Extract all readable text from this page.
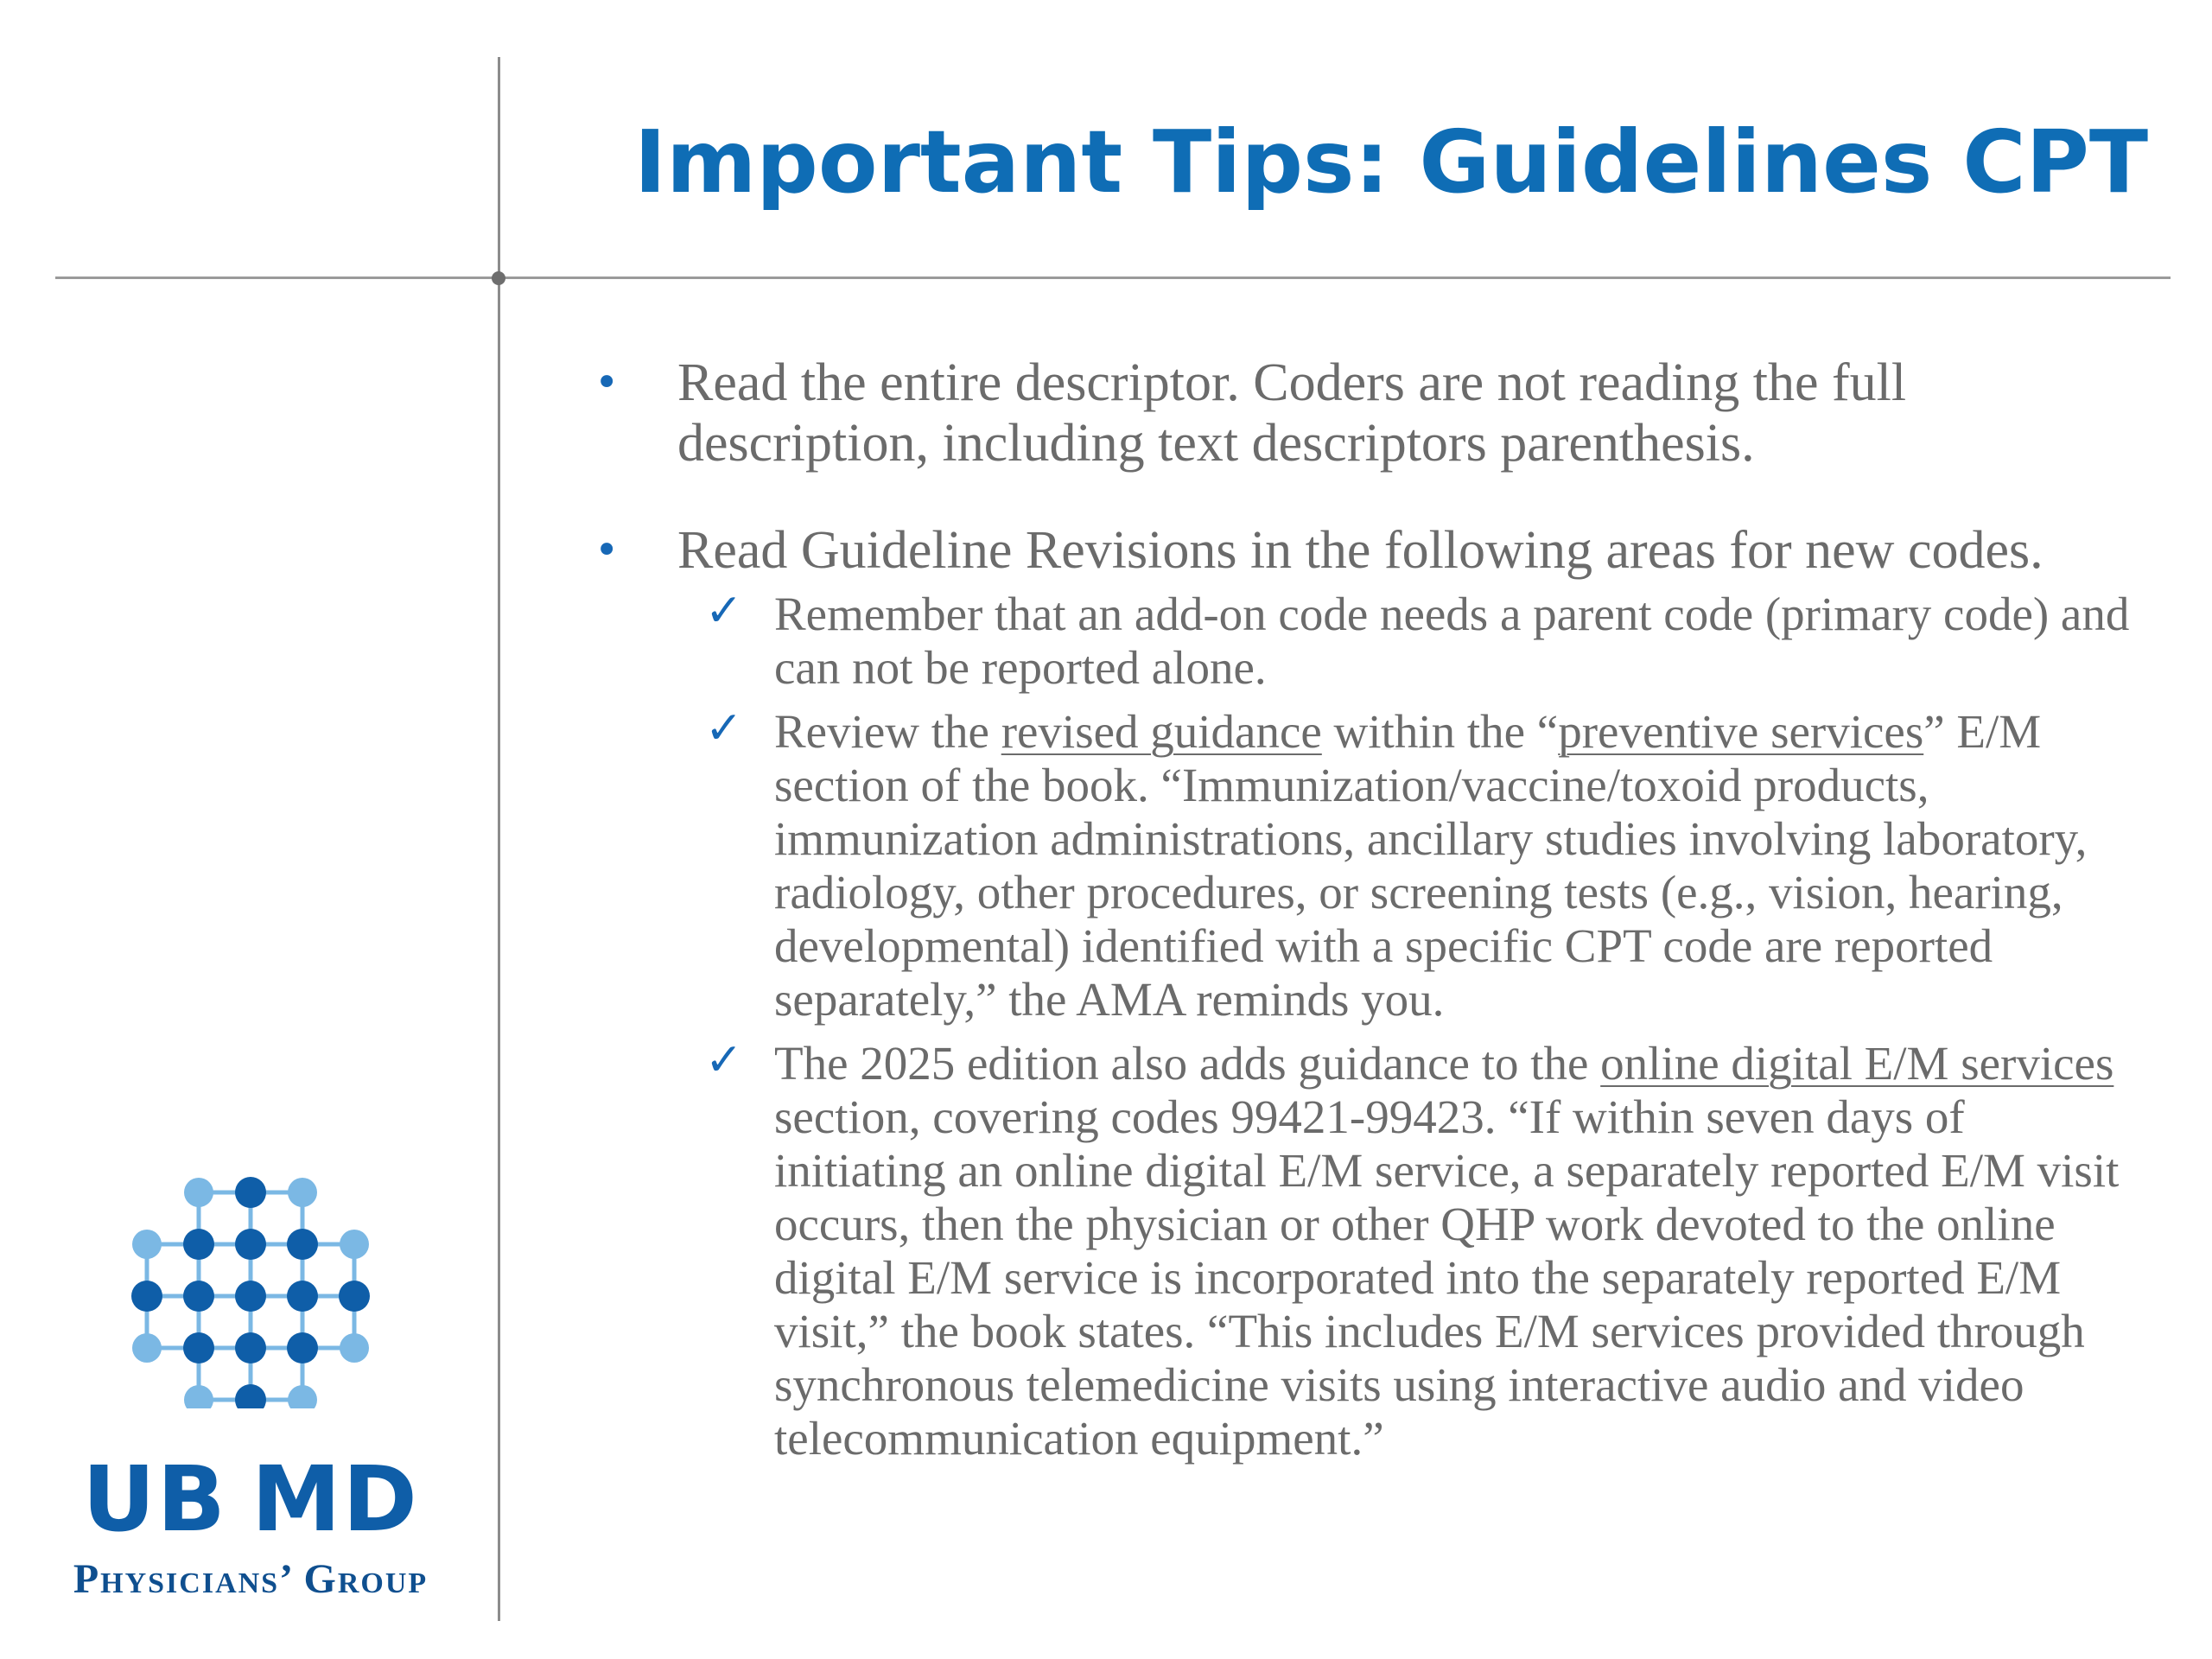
Important Tips: Guidelines CPT
• Read the entire descriptor. Coders are not reading the full description, including text descriptors parenthesis.
• Read Guideline Revisions in the following areas for new codes.
✓ Remember that an add-on code needs a parent code (primary code) and can not be reported alone.
✓ Review the revised guidance within the “preventive services” E/M section of the book. “Immunization/vaccine/toxoid products, immunization administrations, ancillary studies involving laboratory, radiology, other procedures, or screening tests (e.g., vision, hearing, developmental) identified with a specific CPT code are reported separately,” the AMA reminds you.
✓ The 2025 edition also adds guidance to the online digital E/M services section, covering codes 99421-99423. “If within seven days of initiating an online digital E/M service, a separately reported E/M visit occurs, then the physician or other QHP work devoted to the online digital E/M service is incorporated into the separately reported E/M visit,” the book states. “This includes E/M services provided through synchronous telemedicine visits using interactive audio and video telecommunication equipment.”
UB MD
Physicians’ Group
